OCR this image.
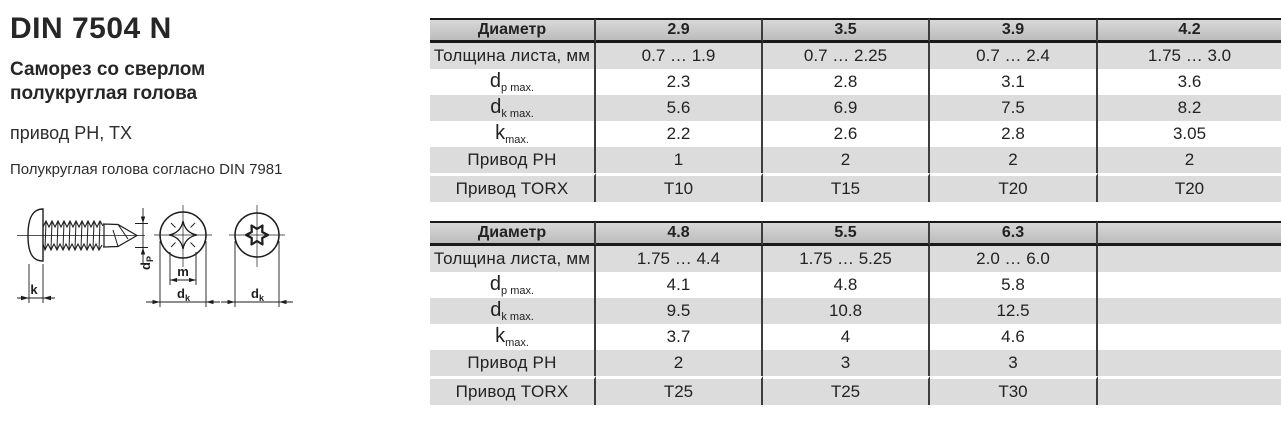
DIN 7504 N
Саморез со сверлом
полукруглая голова
привод PH, TX
Полукруглая голова согласно DIN 7981
k
$d_P$
m
$d_k$	$d_k$
Диаметр	2.9	3.5	3.9	4.2
Толщина листа, мм	0.7 … 1.9	0.7 … 2.25	0.7 … 2.4	1.75 … 3.0
$d_{p max.}$	2.3	2.8	3.1	3.6
$d_{k max.}$	5.6	6.9	7.5	8.2
$k_{max.}$	2.2	2.6	2.8	3.05
Привод PH	1	2	2	2
Привод TORX	T10	T15	T20	T20
Диаметр	4.8	5.5	6.3	
Толщина листа, мм	1.75 … 4.4	1.75 … 5.25	2.0 … 6.0	
$d_{p max.}$	4.1	4.8	5.8	
$d_{k max.}$	9.5	10.8	12.5	
$k_{max.}$	3.7	4	4.6	
Привод PH	2	3	3	
Привод TORX	T25	T25	T30	
